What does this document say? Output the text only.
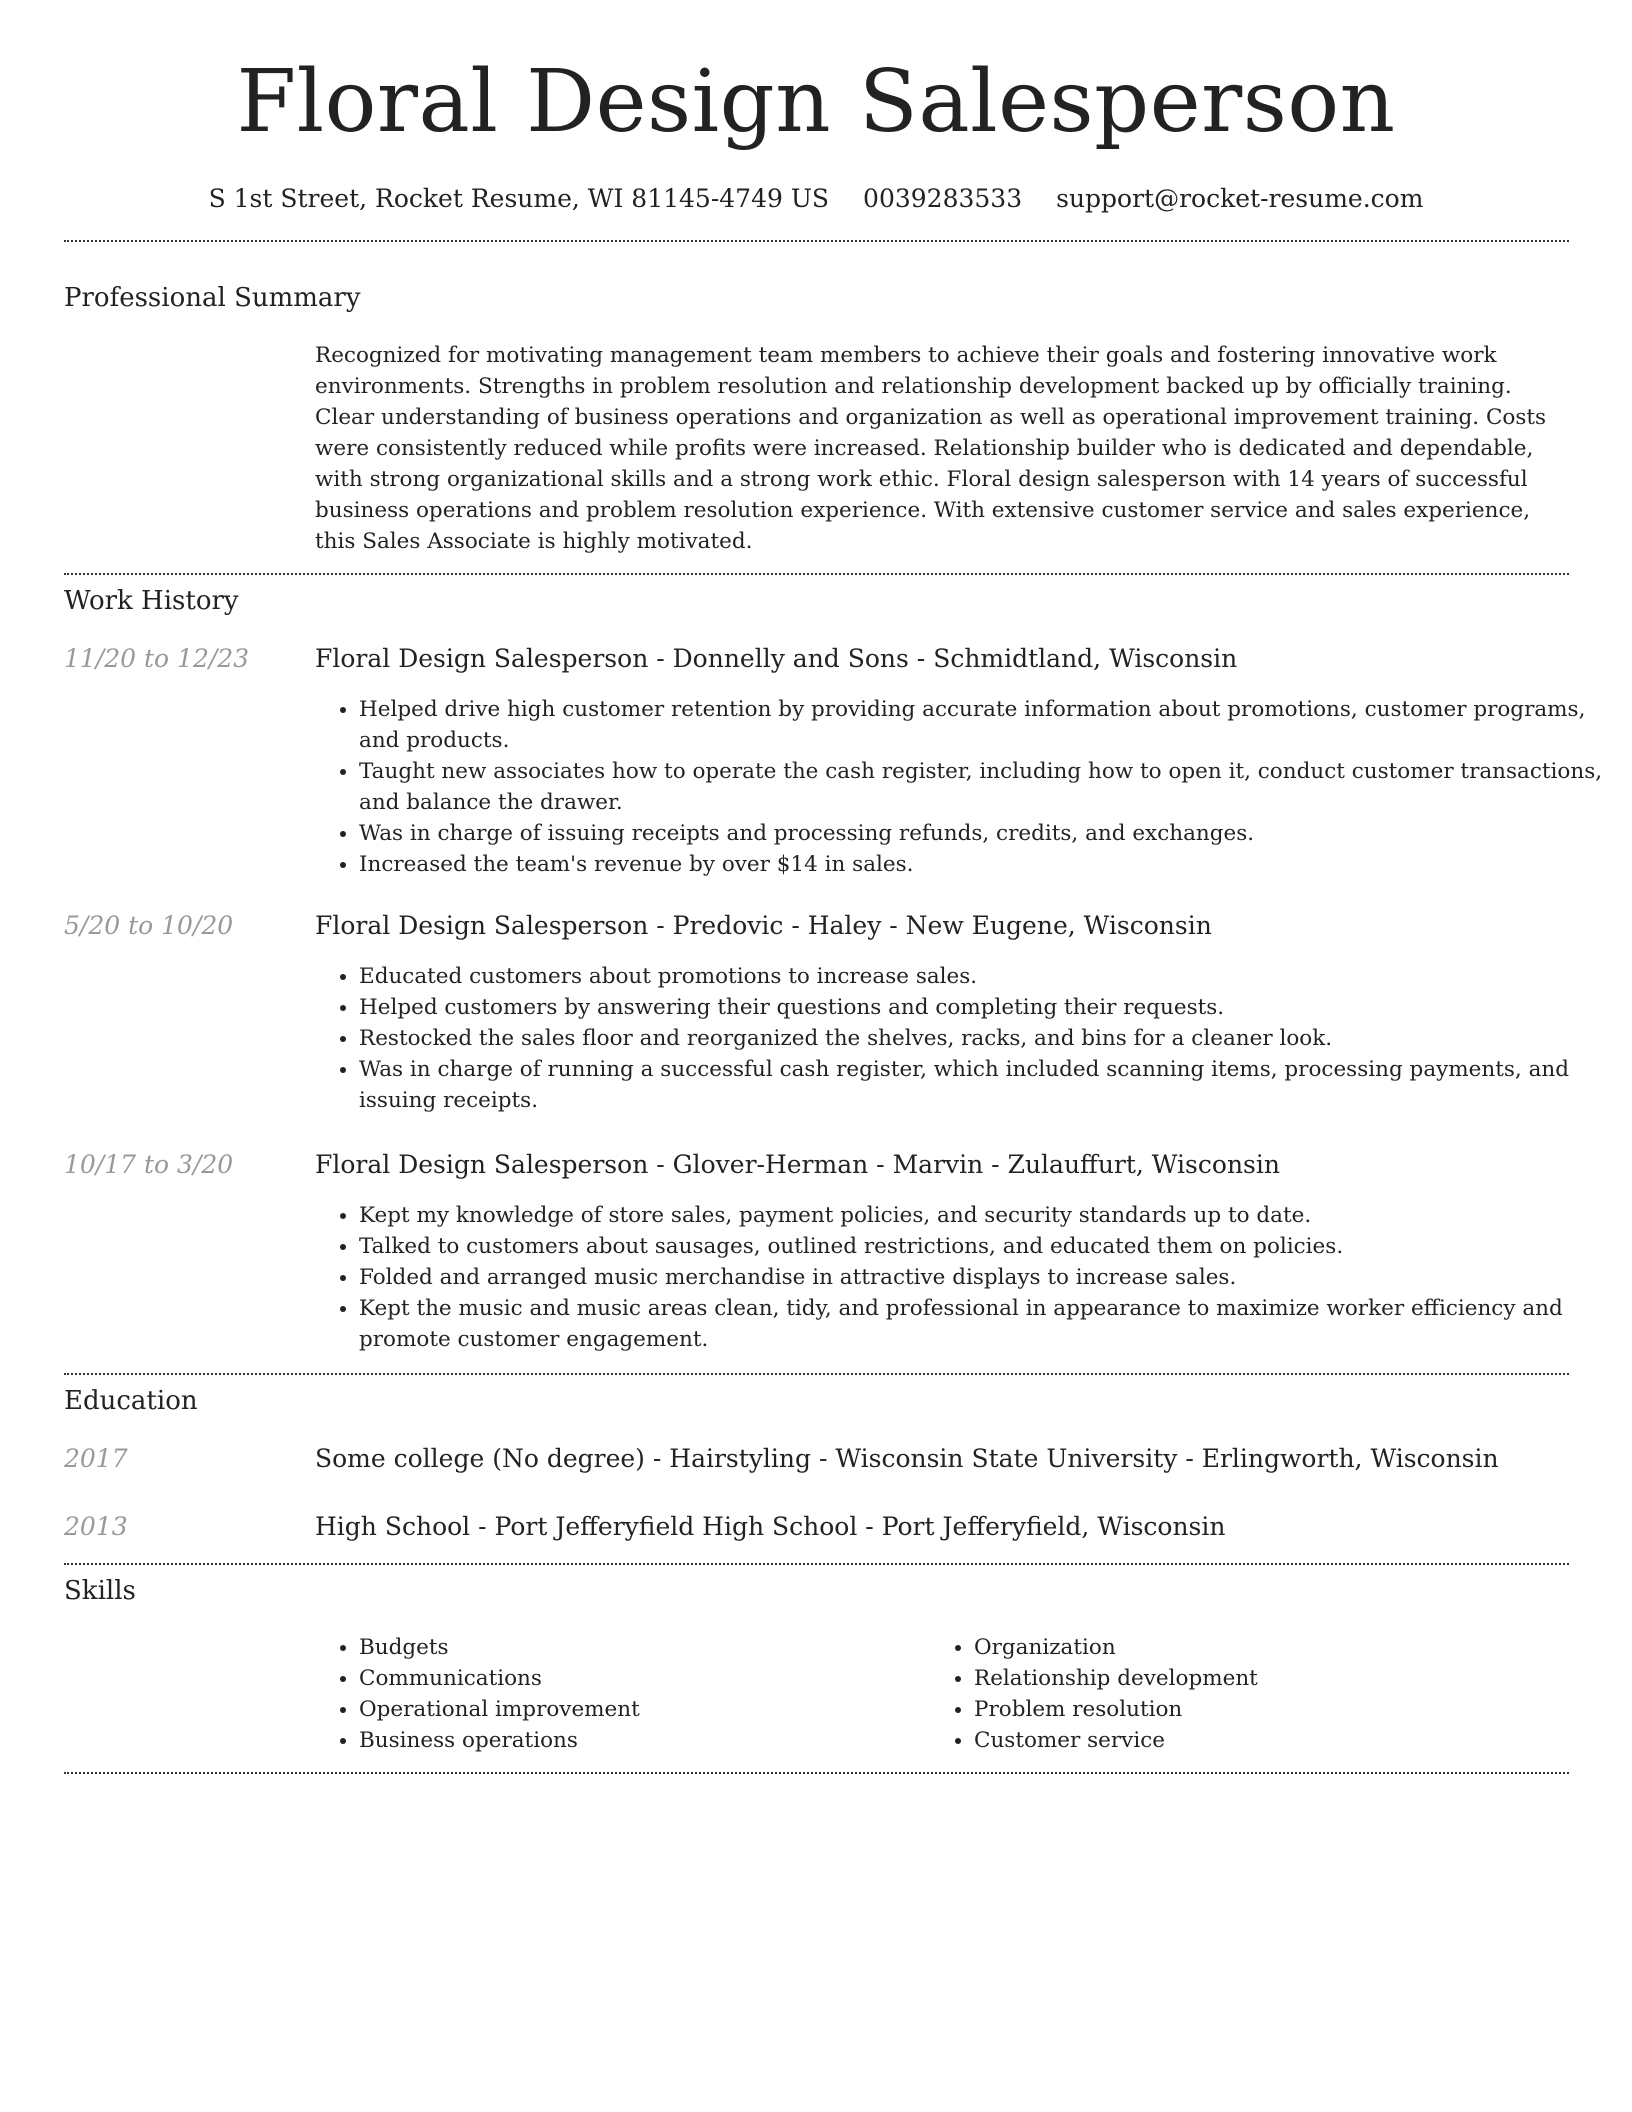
Floral Design Salesperson
S 1st Street, Rocket Resume, WI 81145-4749 US 0039283533 support@rocket-resume.com
Professional Summary
Recognized for motivating management team members to achieve their goals and fostering innovative work environments. Strengths in problem resolution and relationship development backed up by officially training. Clear understanding of business operations and organization as well as operational improvement training. Costs were consistently reduced while profits were increased. Relationship builder who is dedicated and dependable, with strong organizational skills and a strong work ethic. Floral design salesperson with 14 years of successful business operations and problem resolution experience. With extensive customer service and sales experience, this Sales Associate is highly motivated.
Work History
11/20 to 12/23	Floral Design Salesperson - Donnelly and Sons - Schmidtland, Wisconsin
• Helped drive high customer retention by providing accurate information about promotions, customer programs, and products.
• Taught new associates how to operate the cash register, including how to open it, conduct customer transactions, and balance the drawer.
• Was in charge of issuing receipts and processing refunds, credits, and exchanges.
• Increased the team's revenue by over $14 in sales.
5/20 to 10/20	Floral Design Salesperson - Predovic - Haley - New Eugene, Wisconsin
• Educated customers about promotions to increase sales.
• Helped customers by answering their questions and completing their requests.
• Restocked the sales floor and reorganized the shelves, racks, and bins for a cleaner look.
• Was in charge of running a successful cash register, which included scanning items, processing payments, and issuing receipts.
10/17 to 3/20	Floral Design Salesperson - Glover-Herman - Marvin - Zulauffurt, Wisconsin
• Kept my knowledge of store sales, payment policies, and security standards up to date.
• Talked to customers about sausages, outlined restrictions, and educated them on policies.
• Folded and arranged music merchandise in attractive displays to increase sales.
• Kept the music and music areas clean, tidy, and professional in appearance to maximize worker efficiency and promote customer engagement.
Education
2017	Some college (No degree) - Hairstyling - Wisconsin State University - Erlingworth, Wisconsin
2013	High School - Port Jefferyfield High School - Port Jefferyfield, Wisconsin
Skills
• Budgets
• Communications
• Operational improvement
• Business operations
• Organization
• Relationship development
• Problem resolution
• Customer service
